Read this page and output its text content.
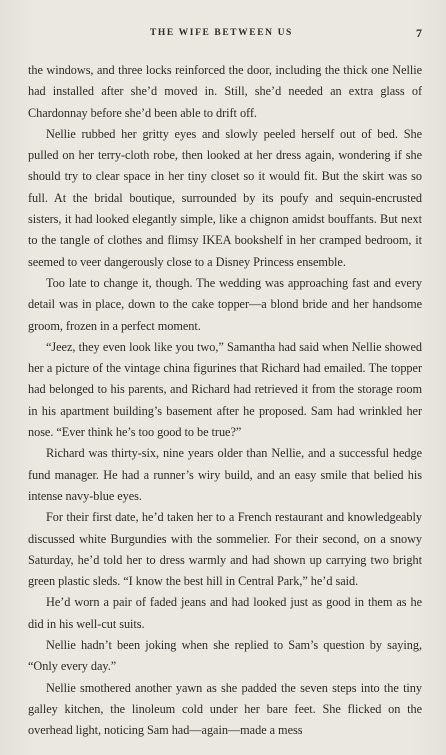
THE WIFE BETWEEN US	7

the windows, and three locks reinforced the door, including the thick one Nellie had installed after she’d moved in. Still, she’d needed an extra glass of Chardonnay before she’d been able to drift off.

Nellie rubbed her gritty eyes and slowly peeled herself out of bed. She pulled on her terry-cloth robe, then looked at her dress again, wondering if she should try to clear space in her tiny closet so it would fit. But the skirt was so full. At the bridal boutique, surrounded by its poufy and sequin-encrusted sisters, it had looked elegantly simple, like a chignon amidst bouffants. But next to the tangle of clothes and flimsy IKEA bookshelf in her cramped bedroom, it seemed to veer dangerously close to a Disney Princess ensemble.

Too late to change it, though. The wedding was approaching fast and every detail was in place, down to the cake topper—a blond bride and her handsome groom, frozen in a perfect moment.

“Jeez, they even look like you two,” Samantha had said when Nellie showed her a picture of the vintage china figurines that Richard had emailed. The topper had belonged to his parents, and Richard had retrieved it from the storage room in his apartment building’s basement after he proposed. Sam had wrinkled her nose. “Ever think he’s too good to be true?”

Richard was thirty-six, nine years older than Nellie, and a successful hedge fund manager. He had a runner’s wiry build, and an easy smile that belied his intense navy-blue eyes.

For their first date, he’d taken her to a French restaurant and knowledgeably discussed white Burgundies with the sommelier. For their second, on a snowy Saturday, he’d told her to dress warmly and had shown up carrying two bright green plastic sleds. “I know the best hill in Central Park,” he’d said.

He’d worn a pair of faded jeans and had looked just as good in them as he did in his well-cut suits.

Nellie hadn’t been joking when she replied to Sam’s question by saying, “Only every day.”

Nellie smothered another yawn as she padded the seven steps into the tiny galley kitchen, the linoleum cold under her bare feet. She flicked on the overhead light, noticing Sam had—again—made a mess
